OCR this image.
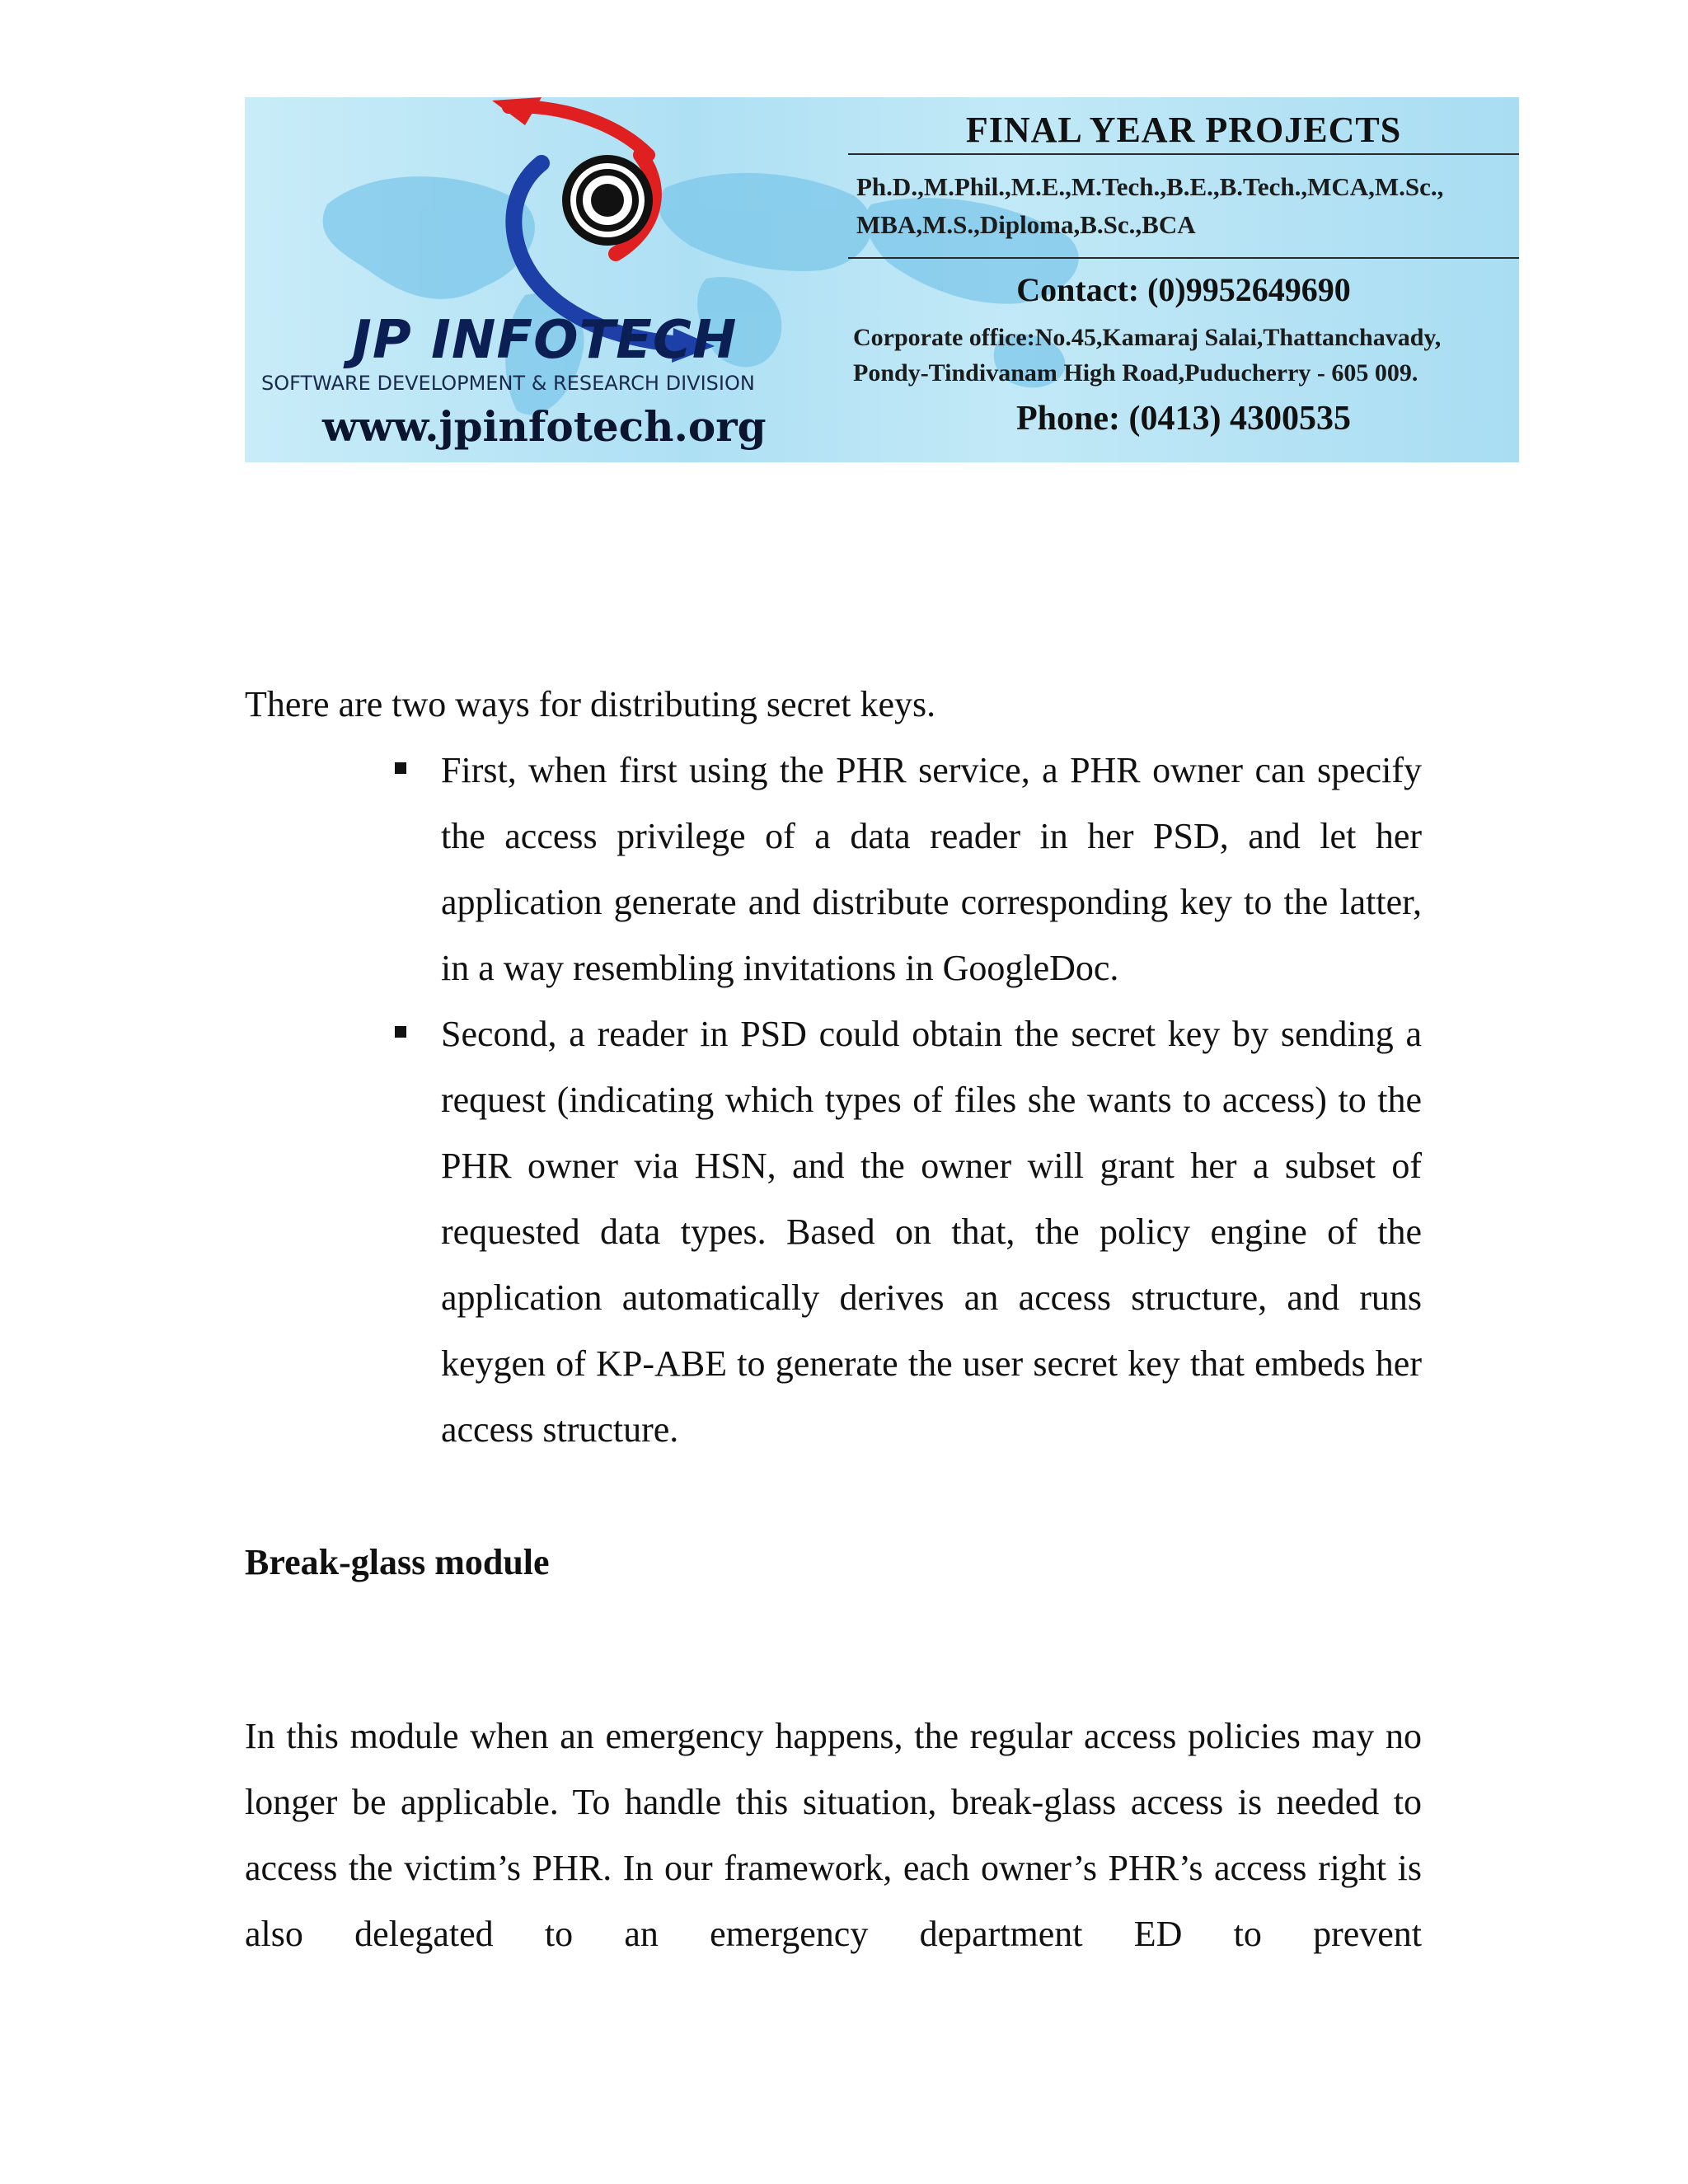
JP INFOTECH
SOFTWARE DEVELOPMENT & RESEARCH DIVISION
www.jpinfotech.org
FINAL YEAR PROJECTS
Ph.D.,M.Phil.,M.E.,M.Tech.,B.E.,B.Tech.,MCA,M.Sc.,
MBA,M.S.,Diploma,B.Sc.,BCA
Contact: (0)9952649690
Corporate office:No.45,Kamaraj Salai,Thattanchavady,
Pondy-Tindivanam High Road,Puducherry - 605 009.
Phone: (0413) 4300535
There are two ways for distributing secret keys.
First, when first using the PHR service, a PHR owner can specify the access privilege of a data reader in her PSD, and let her application generate and distribute corresponding key to the latter, in a way resembling invitations in GoogleDoc.
Second, a reader in PSD could obtain the secret key by sending a request (indicating which types of files she wants to access) to the PHR owner via HSN, and the owner will grant her a subset of requested data types. Based on that, the policy engine of the application automatically derives an access structure, and runs keygen of KP-ABE to generate the user secret key that embeds her access structure.
Break-glass module
In this module when an emergency happens, the regular access policies may no longer be applicable. To handle this situation, break-glass access is needed to access the victim’s PHR. In our framework, each owner’s PHR’s access right is also delegated to an emergency department ED to prevent
